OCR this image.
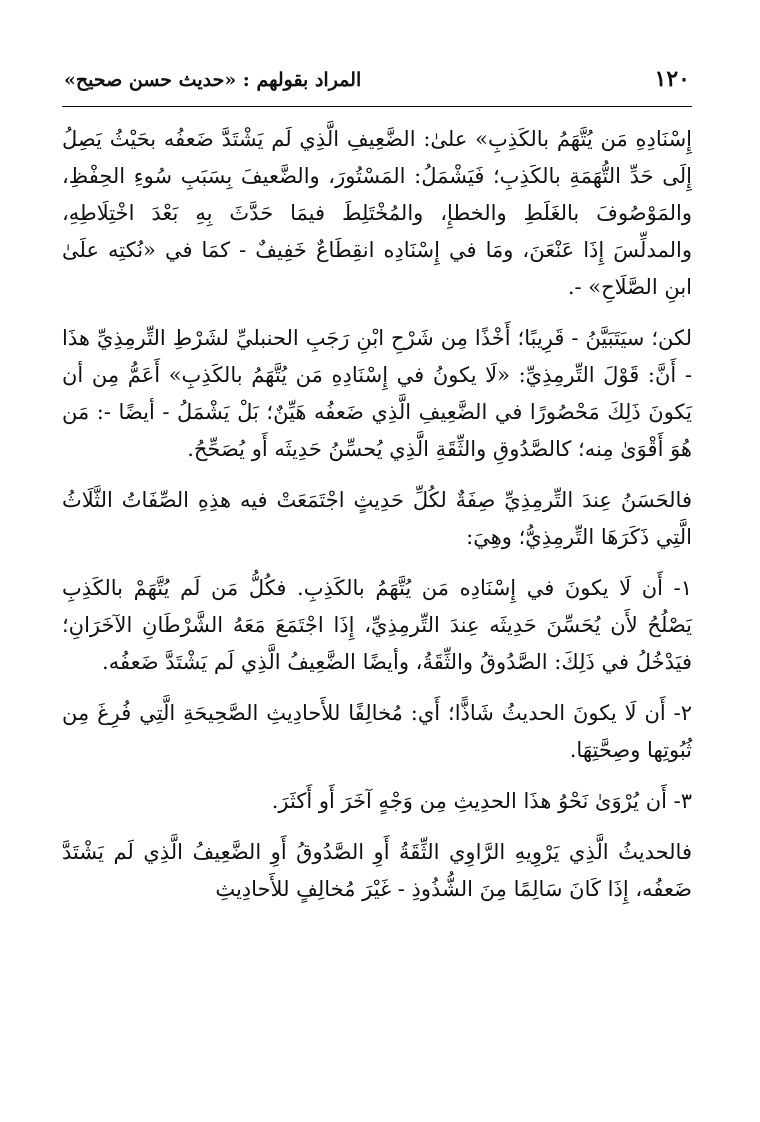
١٢٠
المراد بقولهم : «حديث حسن صحيح»

إِسْنَادِهِ مَن يُتَّهَمُ بالكَذِبِ» علىٰ: الضَّعِيفِ الَّذِي لَم يَشْتَدَّ ضَعفُه بحَيْثُ يَصِلُ إِلَى حَدِّ التُّهَمَةِ بالكَذِبِ؛ فَيَشْمَلُ: المَسْتُورَ، والضَّعيفَ بِسَبَبِ سُوءِ الحِفْظِ، والمَوْصُوفَ بالغَلَطِ والخطإِ، والمُخْتَلِطَ فيمَا حَدَّثَ بِهِ بَعْدَ اخْتِلَاطِهِ، والمدلِّسَ إِذَا عَنْعَنَ، ومَا في إِسْنَادِه انقِطَاعٌ خَفِيفٌ - كمَا في «نُكتِه علَىٰ ابنِ الصَّلَاحِ» -.

لكن؛ سيَتَبَيَّنُ - قَرِيبًا؛ أَخْذًا مِن شَرْحِ ابْنِ رَجَبِ الحنبليِّ لشَرْطِ التِّرمِذِيِّ هذَا - أَنَّ: قَوْلَ التِّرمِذِيِّ: «لَا يكونُ في إِسْنَادِهِ مَن يُتَّهَمُ بالكَذِبِ» أَعَمُّ مِن أن يَكونَ ذَلِكَ مَحْصُورًا في الضَّعِيفِ الَّذِي ضَعفُه هَيِّنٌ؛ بَلْ يَشْمَلُ - أيضًا -: مَن هُوَ أَقْوَىٰ مِنه؛ كالصَّدُوقِ والثِّقَةِ الَّذِي يُحسِّنُ حَدِيثَه أَو يُصَحِّحُ.

فالحَسَنُ عِندَ التِّرمِذِيِّ صِفَةٌ لكُلِّ حَدِيثٍ اجْتَمَعَتْ فيه هذِهِ الصِّفَاتُ الثَّلَاثُ الَّتِي ذَكَرَهَا التِّرمِذِيُّ؛ وهِيَ:

١- أَن لَا يكونَ في إِسْنَادِه مَن يُتَّهَمُ بالكَذِبِ. فكُلُّ مَن لَم يُتَّهَمْ بالكَذِبِ يَصْلُحُ لأَن يُحَسِّنَ حَدِيثَه عِندَ التِّرمِذِيِّ، إِذَا اجْتَمَعَ مَعَهُ الشَّرْطَانِ الآخَرَانِ؛ فيَدْخُلُ في ذَلِكَ: الصَّدُوقُ والثِّقَةُ، وأيضًا الضَّعِيفُ الَّذِي لَم يَشْتَدَّ ضَعفُه.

٢- أَن لَا يكونَ الحديثُ شَاذًّا؛ أَي: مُخالِفًا للأَحادِيثِ الصَّحِيحَةِ الَّتِي فُرِغَ مِن ثُبُوتِها وصِحَّتِهَا.

٣- أَن يُرْوَىٰ نَحْوُ هذَا الحدِيثِ مِن وَجْهٍ آخَرَ أَو أَكثَرَ.

فالحديثُ الَّذِي يَرْوِيهِ الرَّاوِي الثِّقَةُ أَوِ الصَّدُوقُ أَوِ الضَّعِيفُ الَّذِي لَم يَشْتَدَّ ضَعفُه، إِذَا كَانَ سَالِمًا مِنَ الشُّذُوذِ - غَيْرَ مُخالِفٍ للأَحادِيثِ
